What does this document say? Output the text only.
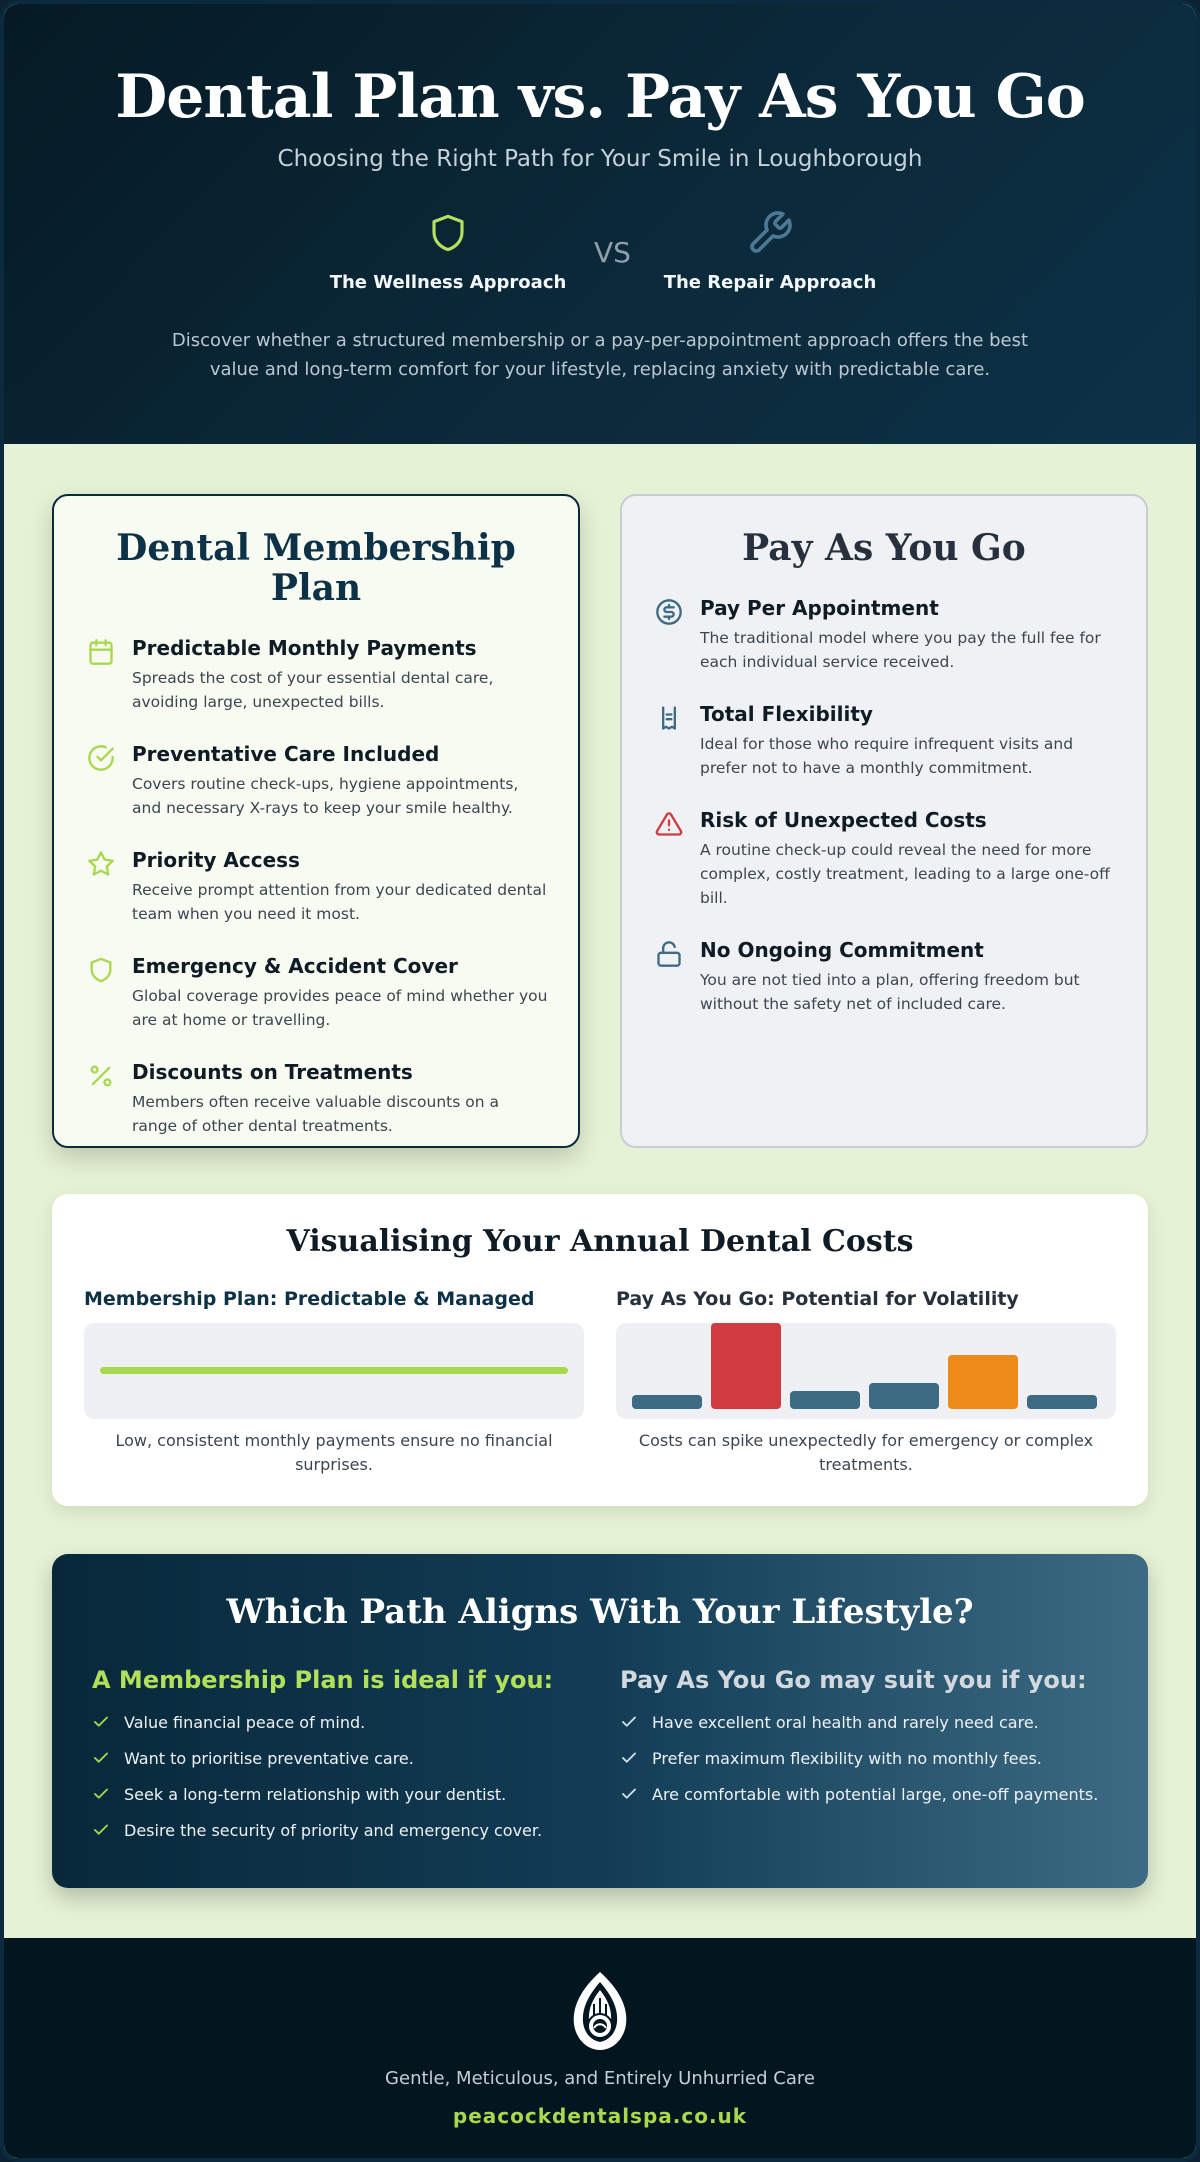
Dental Plan vs. Pay As You Go
Choosing the Right Path for Your Smile in Loughborough
The Wellness Approach
VS
The Repair Approach
Discover whether a structured membership or a pay-per-appointment approach offers the best value and long-term comfort for your lifestyle, replacing anxiety with predictable care.
Dental Membership Plan
Predictable Monthly Payments
Spreads the cost of your essential dental care, avoiding large, unexpected bills.
Preventative Care Included
Covers routine check-ups, hygiene appointments, and necessary X-rays to keep your smile healthy.
Priority Access
Receive prompt attention from your dedicated dental team when you need it most.
Emergency & Accident Cover
Global coverage provides peace of mind whether you are at home or travelling.
Discounts on Treatments
Members often receive valuable discounts on a range of other dental treatments.
Pay As You Go
Pay Per Appointment
The traditional model where you pay the full fee for each individual service received.
Total Flexibility
Ideal for those who require infrequent visits and prefer not to have a monthly commitment.
Risk of Unexpected Costs
A routine check-up could reveal the need for more complex, costly treatment, leading to a large one-off bill.
No Ongoing Commitment
You are not tied into a plan, offering freedom but without the safety net of included care.
Visualising Your Annual Dental Costs
Membership Plan: Predictable & Managed
Low, consistent monthly payments ensure no financial surprises.
Pay As You Go: Potential for Volatility
Costs can spike unexpectedly for emergency or complex treatments.
Which Path Aligns With Your Lifestyle?
A Membership Plan is ideal if you:
Value financial peace of mind.
Want to prioritise preventative care.
Seek a long-term relationship with your dentist.
Desire the security of priority and emergency cover.
Pay As You Go may suit you if you:
Have excellent oral health and rarely need care.
Prefer maximum flexibility with no monthly fees.
Are comfortable with potential large, one-off payments.
Gentle, Meticulous, and Entirely Unhurried Care
peacockdentalspa.co.uk
